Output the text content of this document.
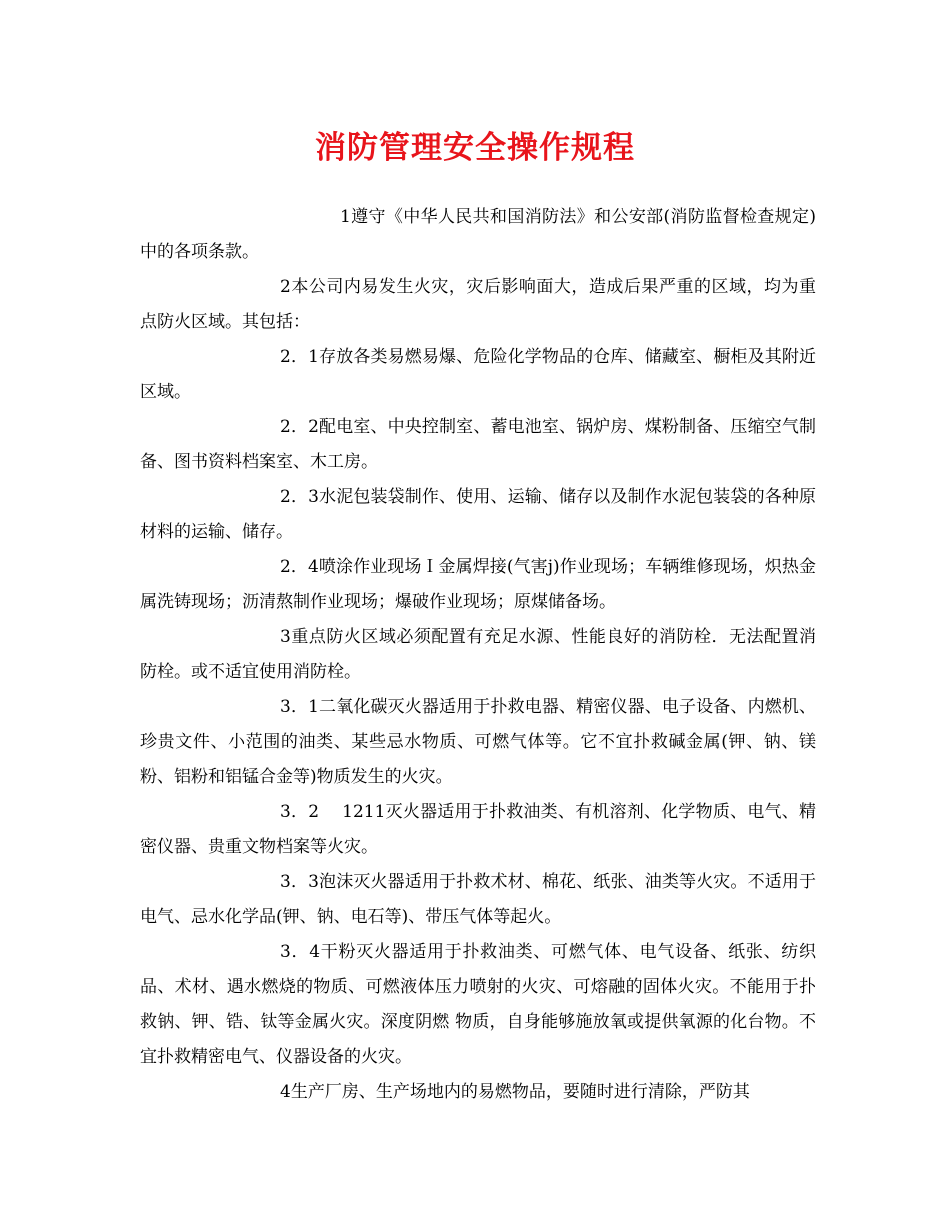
消防管理安全操作规程

1遵守《中华人民共和国消防法》和公安部(消防监督检查规定)中的各项条款。

2本公司内易发生火灾，灾后影响面大，造成后果严重的区域，均为重点防火区域。其包括：

2．1存放各类易燃易爆、危险化学物品的仓库、储藏室、橱柜及其附近区域。

2．2配电室、中央控制室、蓄电池室、锅炉房、煤粉制备、压缩空气制备、图书资料档案室、木工房。

2．3水泥包装袋制作、使用、运输、储存以及制作水泥包装袋的各种原材料的运输、储存。

2．4喷涂作业现场Ｉ金属焊接(气害j)作业现场；车辆维修现场，炽热金属洗铸现场；沥清熬制作业现场；爆破作业现场；原煤储备场。

3重点防火区域必须配置有充足水源、性能良好的消防栓．无法配置消防栓。或不适宜使用消防栓。

3．1二氧化碳灭火器适用于扑救电器、精密仪器、电子设备、内燃机、珍贵文件、小范围的油类、某些忌水物质、可燃气体等。它不宜扑救碱金属(钾、钠、镁粉、铝粉和铝锰合金等)物质发生的火灾。

3．2　 1211灭火器适用于扑救油类、有机溶剂、化学物质、电气、精密仪器、贵重文物档案等火灾。

3．3泡沫灭火器适用于扑救术材、棉花、纸张、油类等火灾。不适用于电气、忌水化学品(钾、钠、电石等)、带压气体等起火。

3．4干粉灭火器适用于扑救油类、可燃气体、电气设备、纸张、纺织品、术材、遇水燃烧的物质、可燃液体压力喷射的火灾、可熔融的固体火灾。不能用于扑救钠、钾、锆、钛等金属火灾。深度阴燃 物质，自身能够施放氧或提供氧源的化台物。不宜扑救精密电气、仪器设备的火灾。

4生产厂房、生产场地内的易燃物品，要随时进行清除，严防其
